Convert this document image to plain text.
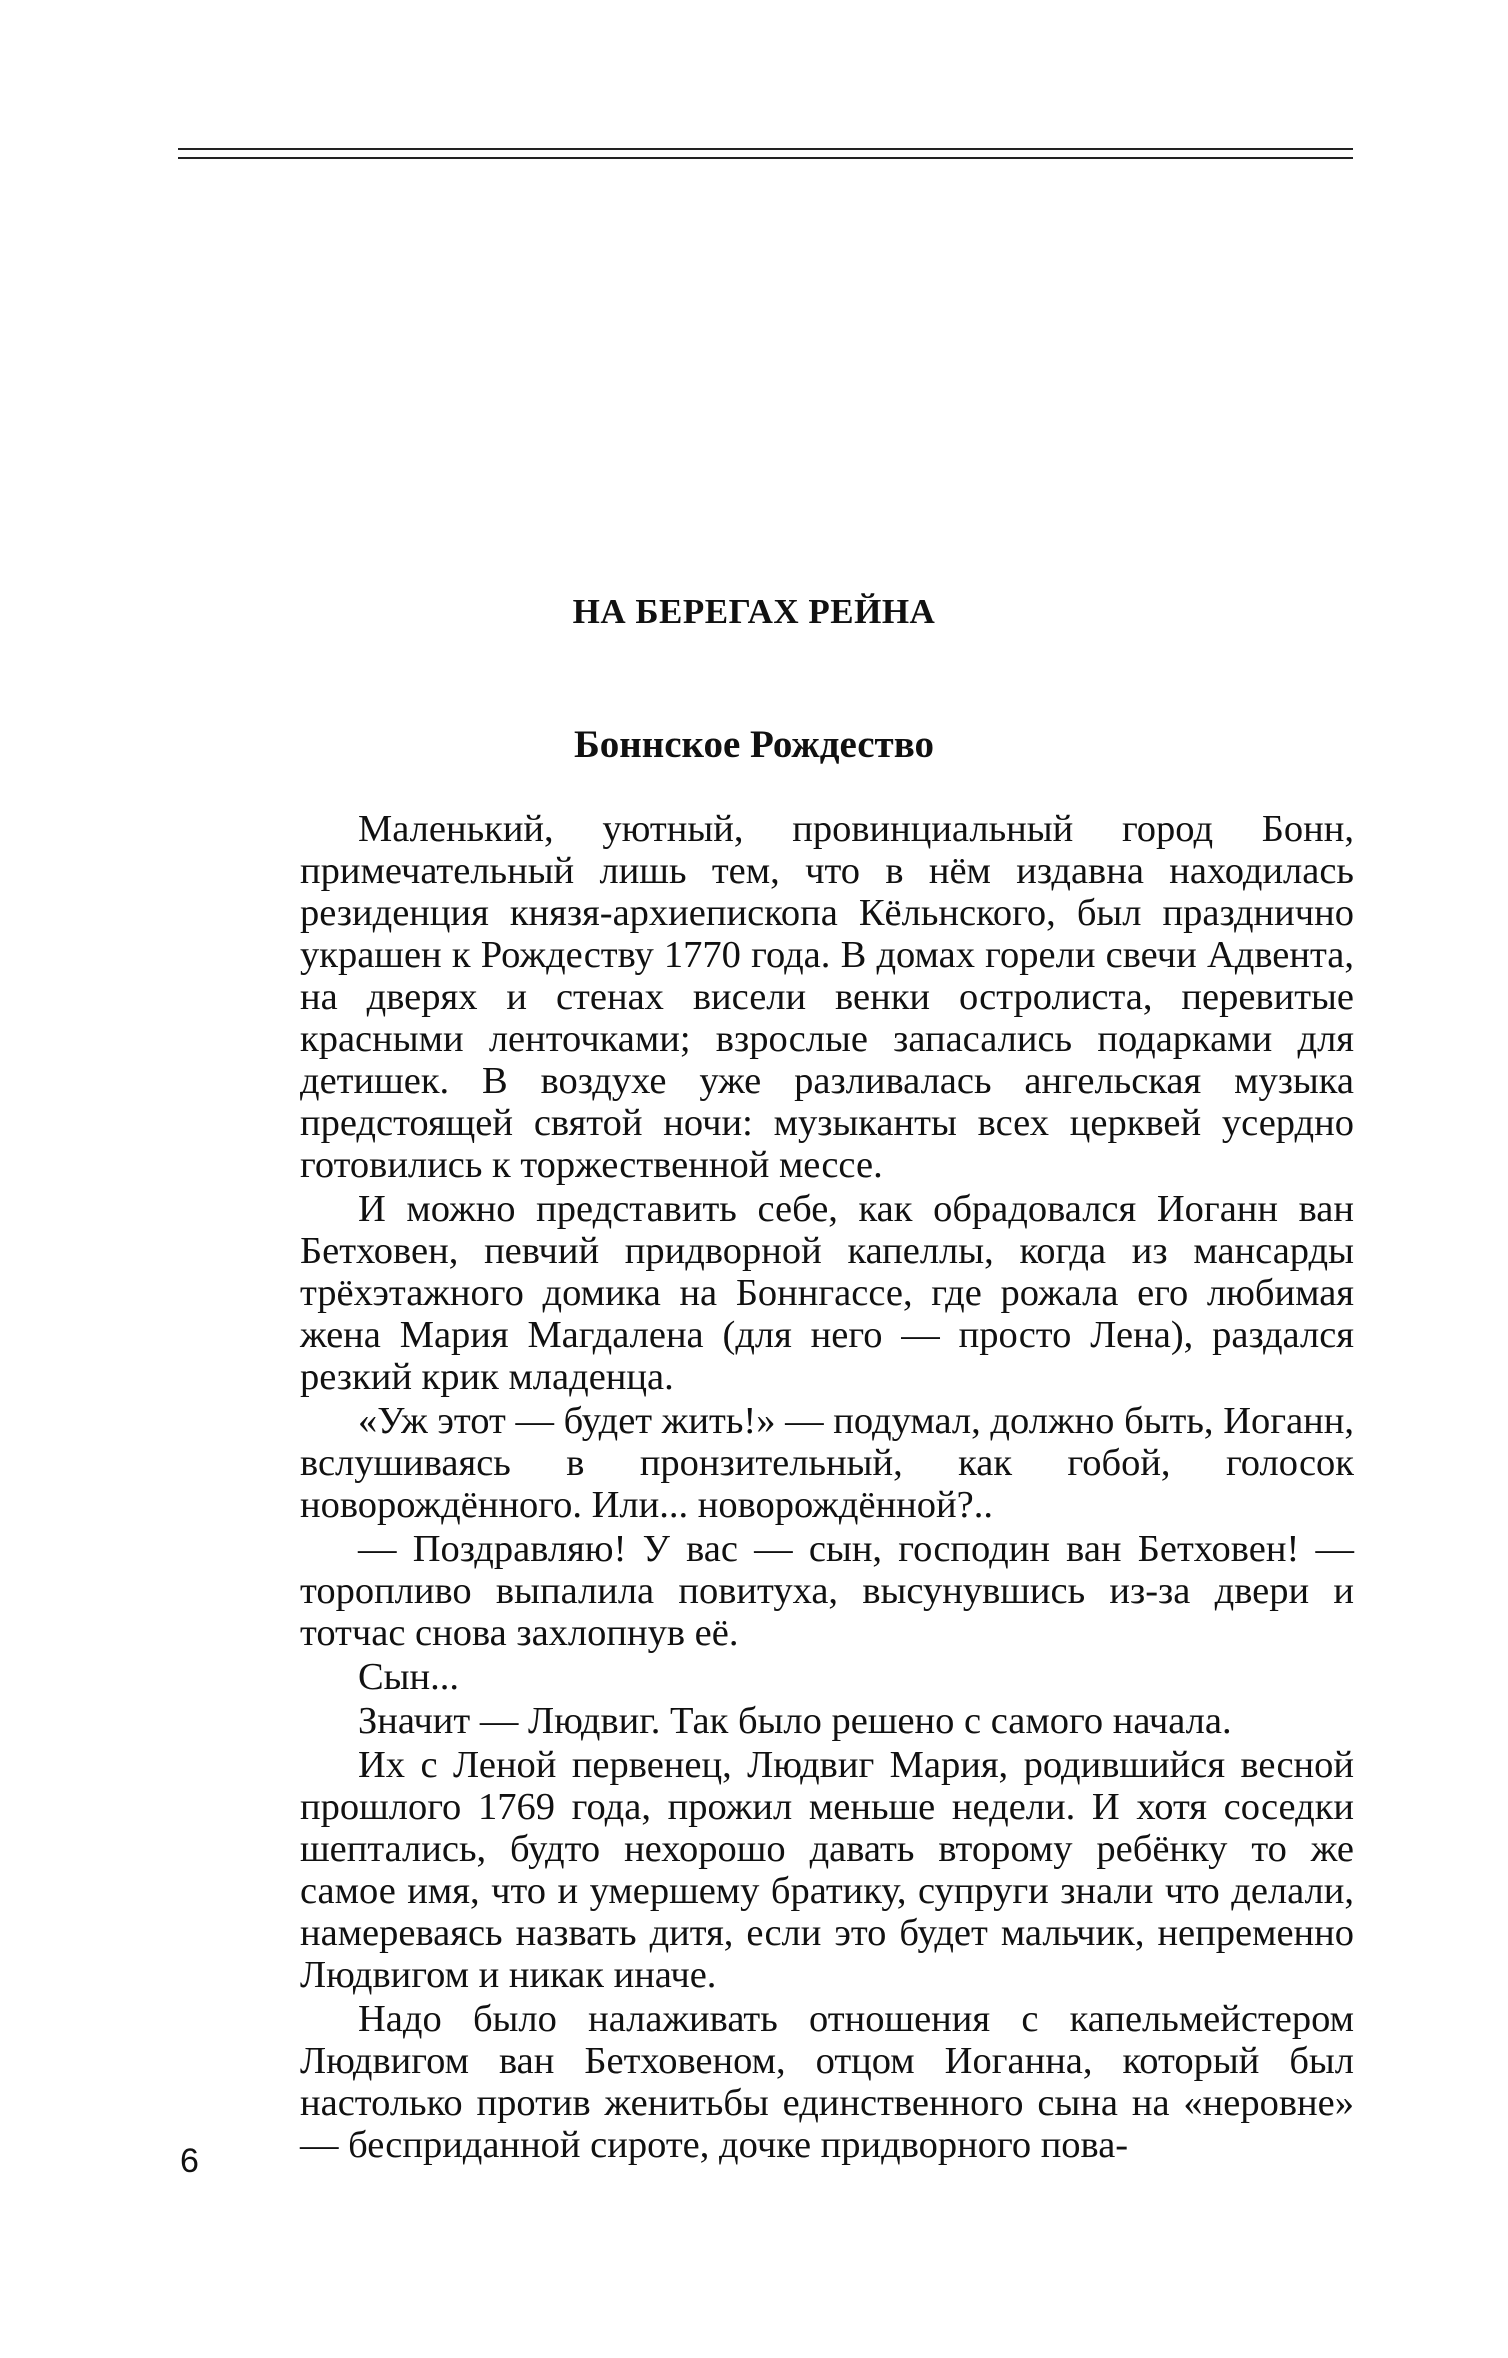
НА БЕРЕГАХ РЕЙНА
Боннское Рождество

Маленький, уютный, провинциальный город Бонн, примечательный лишь тем, что в нём издавна находилась резиденция князя-архиепископа Кёльнского, был празднично украшен к Рождеству 1770 года. В домах горели свечи Адвента, на дверях и стенах висели венки остролиста, перевитые красными ленточками; взрослые запасались подарками для детишек. В воздухе уже разливалась ангельская музыка предстоящей святой ночи: музыканты всех церквей усердно готовились к торжественной мессе.

И можно представить себе, как обрадовался Иоганн ван Бетховен, певчий придворной капеллы, когда из мансарды трёхэтажного домика на Боннгассе, где рожала его любимая жена Мария Магдалена (для него — просто Лена), раздался резкий крик младенца.

«Уж этот — будет жить!» — подумал, должно быть, Иоганн, вслушиваясь в пронзительный, как гобой, голосок новорождённого. Или... новорождённой?..

— Поздравляю! У вас — сын, господин ван Бетховен! — торопливо выпалила повитуха, высунувшись из-за двери и тотчас снова захлопнув её.

Сын...

Значит — Людвиг. Так было решено с самого начала.

Их с Леной первенец, Людвиг Мария, родившийся весной прошлого 1769 года, прожил меньше недели. И хотя соседки шептались, будто нехорошо давать второму ребёнку то же самое имя, что и умершему братику, супруги знали что делали, намереваясь назвать дитя, если это будет мальчик, непременно Людвигом и никак иначе.

Надо было налаживать отношения с капельмейстером Людвигом ван Бетховеном, отцом Иоганна, который был настолько против женитьбы единственного сына на «неровне» — бесприданной сироте, дочке придворного пова-

6
